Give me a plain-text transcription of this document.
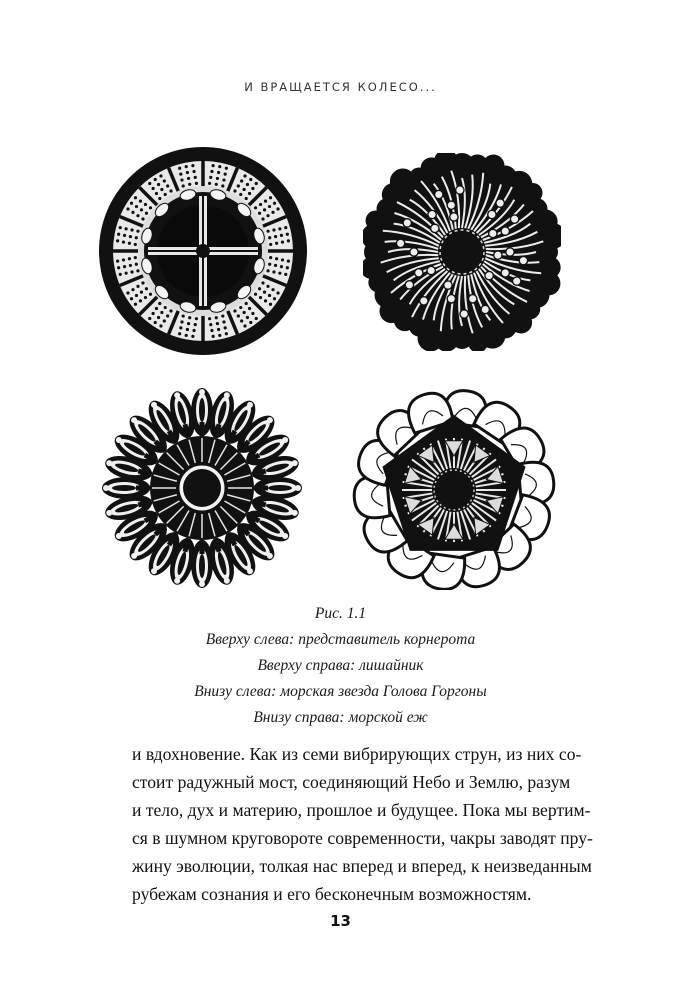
И ВРАЩАЕТСЯ КОЛЕСО...
Рис. 1.1
Вверху слева: представитель корнерота
Вверху справа: лишайник
Внизу слева: морская звезда Голова Горгоны
Внизу справа: морской еж
и вдохновение. Как из семи вибрирующих струн, из них со-
стоит радужный мост, соединяющий Небо и Землю, разум
и тело, дух и материю, прошлое и будущее. Пока мы вертим-
ся в шумном круговороте современности, чакры заводят пру-
жину эволюции, толкая нас вперед и вперед, к неизведанным
рубежам сознания и его бесконечным возможностям.
13
